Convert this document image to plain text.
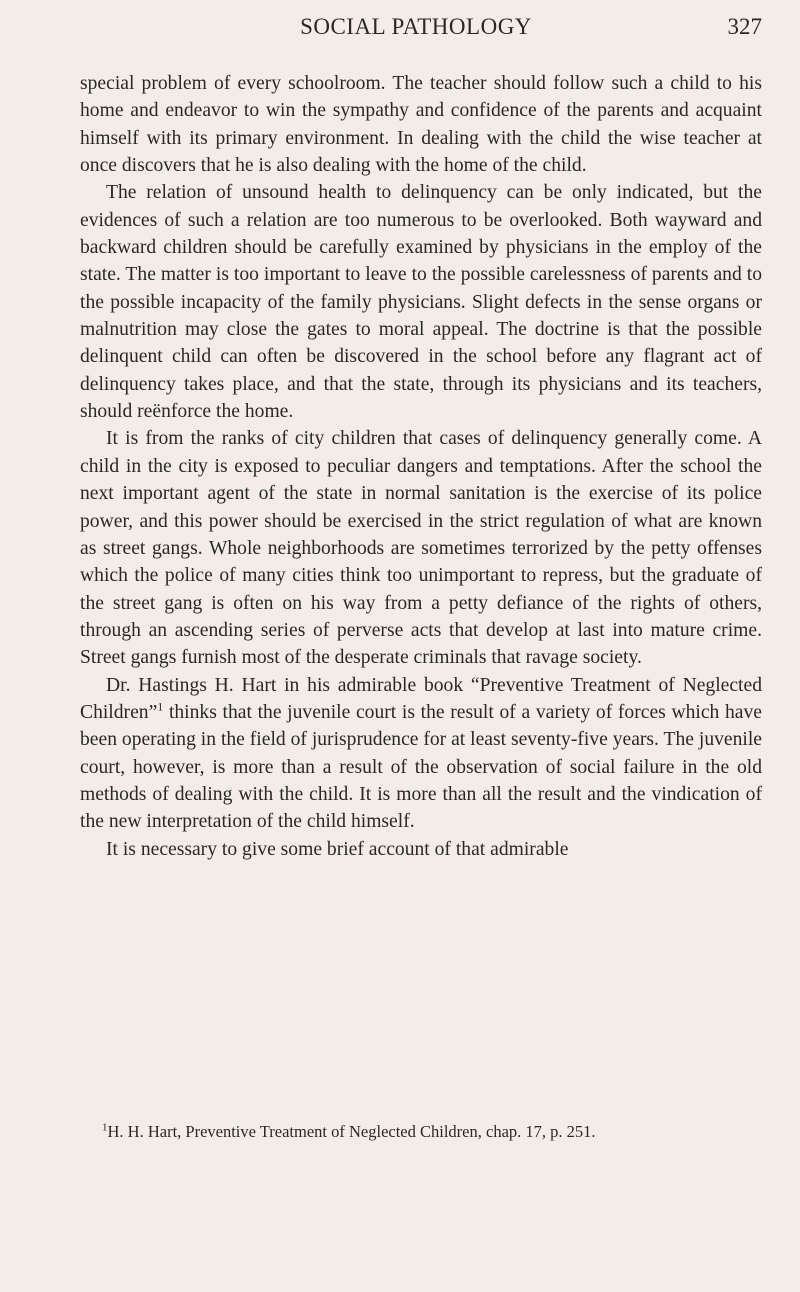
SOCIAL PATHOLOGY	327

special problem of every schoolroom. The teacher should follow such a child to his home and endeavor to win the sympathy and confidence of the parents and acquaint himself with its primary environment. In dealing with the child the wise teacher at once discovers that he is also dealing with the home of the child.

The relation of unsound health to delinquency can be only indicated, but the evidences of such a relation are too numerous to be overlooked. Both wayward and backward children should be carefully examined by physicians in the employ of the state. The matter is too important to leave to the possible carelessness of parents and to the possible incapacity of the family physicians. Slight defects in the sense organs or malnutrition may close the gates to moral appeal. The doctrine is that the possible delinquent child can often be discovered in the school before any flagrant act of delinquency takes place, and that the state, through its physicians and its teachers, should reënforce the home.

It is from the ranks of city children that cases of delinquency generally come. A child in the city is exposed to peculiar dangers and temptations. After the school the next important agent of the state in normal sanitation is the exercise of its police power, and this power should be exercised in the strict regulation of what are known as street gangs. Whole neighborhoods are sometimes terrorized by the petty offenses which the police of many cities think too unimportant to repress, but the graduate of the street gang is often on his way from a petty defiance of the rights of others, through an ascending series of perverse acts that develop at last into mature crime. Street gangs furnish most of the desperate criminals that ravage society.

Dr. Hastings H. Hart in his admirable book “Preventive Treatment of Neglected Children”$^1$ thinks that the juvenile court is the result of a variety of forces which have been operating in the field of jurisprudence for at least seventy-five years. The juvenile court, however, is more than a result of the observation of social failure in the old methods of dealing with the child. It is more than all the result and the vindication of the new interpretation of the child himself.

It is necessary to give some brief account of that admirable

$^1$H. H. Hart, Preventive Treatment of Neglected Children, chap. 17, p. 251.
